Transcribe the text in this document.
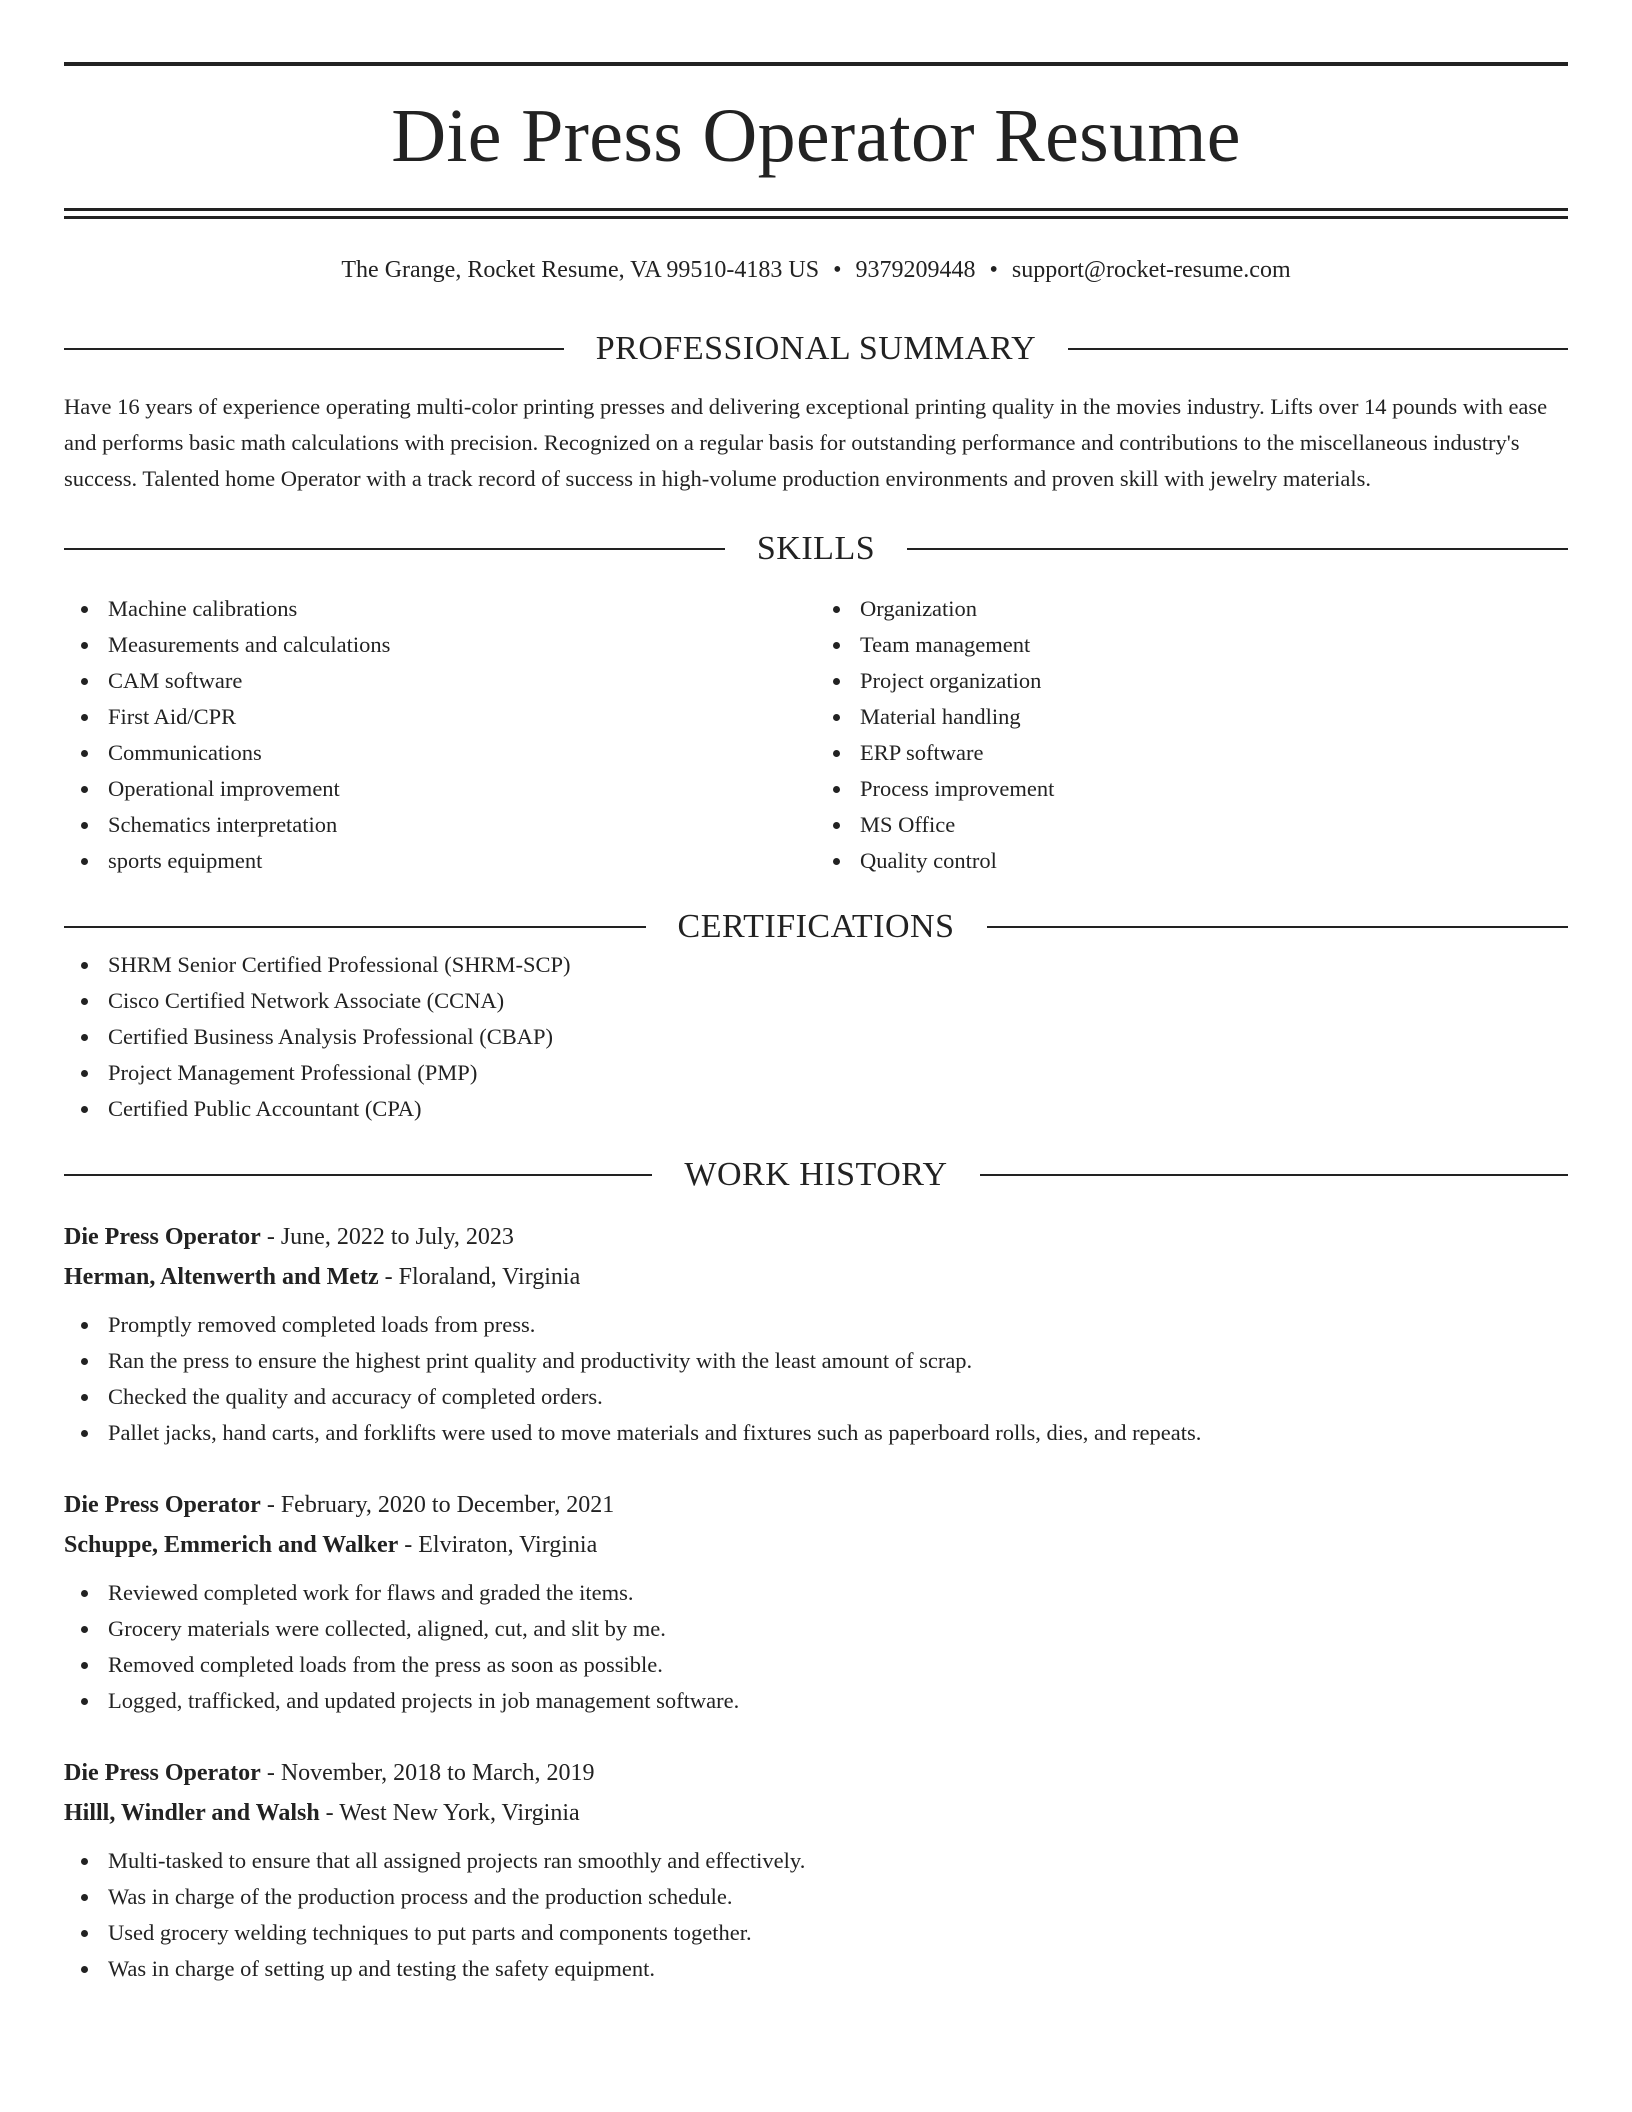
Die Press Operator Resume
The Grange, Rocket Resume, VA 99510-4183 US • 9379209448 • support@rocket-resume.com
PROFESSIONAL SUMMARY

Have 16 years of experience operating multi-color printing presses and delivering exceptional printing quality in the movies industry. Lifts over 14 pounds with ease and performs basic math calculations with precision. Recognized on a regular basis for outstanding performance and contributions to the miscellaneous industry's success. Talented home Operator with a track record of success in high-volume production environments and proven skill with jewelry materials.

SKILLS
Machine calibrations
Measurements and calculations
CAM software
First Aid/CPR
Communications
Operational improvement
Schematics interpretation
sports equipment
Organization
Team management
Project organization
Material handling
ERP software
Process improvement
MS Office
Quality control
CERTIFICATIONS
SHRM Senior Certified Professional (SHRM-SCP)
Cisco Certified Network Associate (CCNA)
Certified Business Analysis Professional (CBAP)
Project Management Professional (PMP)
Certified Public Accountant (CPA)
WORK HISTORY
Die Press Operator - June, 2022 to July, 2023
Herman, Altenwerth and Metz - Floraland, Virginia
Promptly removed completed loads from press.
Ran the press to ensure the highest print quality and productivity with the least amount of scrap.
Checked the quality and accuracy of completed orders.
Pallet jacks, hand carts, and forklifts were used to move materials and fixtures such as paperboard rolls, dies, and repeats.
Die Press Operator - February, 2020 to December, 2021
Schuppe, Emmerich and Walker - Elviraton, Virginia
Reviewed completed work for flaws and graded the items.
Grocery materials were collected, aligned, cut, and slit by me.
Removed completed loads from the press as soon as possible.
Logged, trafficked, and updated projects in job management software.
Die Press Operator - November, 2018 to March, 2019
Hilll, Windler and Walsh - West New York, Virginia
Multi-tasked to ensure that all assigned projects ran smoothly and effectively.
Was in charge of the production process and the production schedule.
Used grocery welding techniques to put parts and components together.
Was in charge of setting up and testing the safety equipment.
